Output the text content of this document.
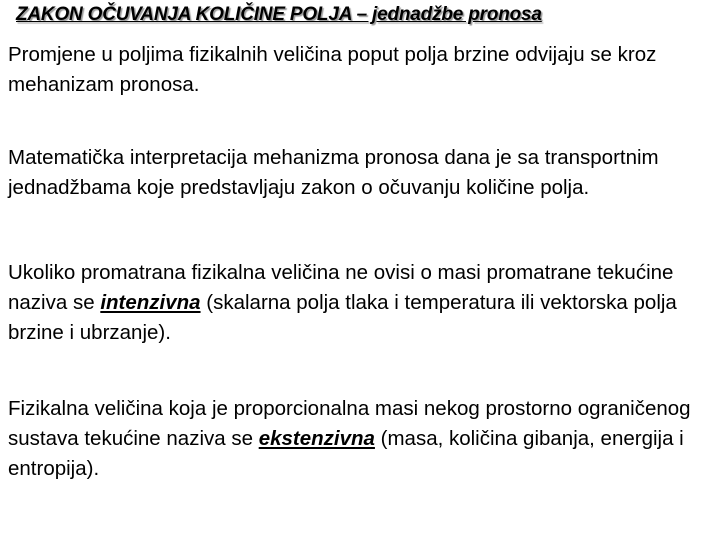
ZAKON OČUVANJA KOLIČINE POLJA – jednadžbe pronosa

Promjene u poljima fizikalnih veličina poput polja brzine odvijaju se kroz mehanizam pronosa.

Matematička interpretacija mehanizma pronosa dana je sa transportnim jednadžbama koje predstavljaju zakon o očuvanju količine polja.

Ukoliko promatrana fizikalna veličina ne ovisi o masi promatrane tekućine naziva se intenzivna (skalarna polja tlaka i temperatura ili vektorska polja brzine i ubrzanje).

Fizikalna veličina koja je proporcionalna masi nekog prostorno ograničenog sustava tekućine naziva se ekstenzivna (masa, količina gibanja, energija i entropija).
